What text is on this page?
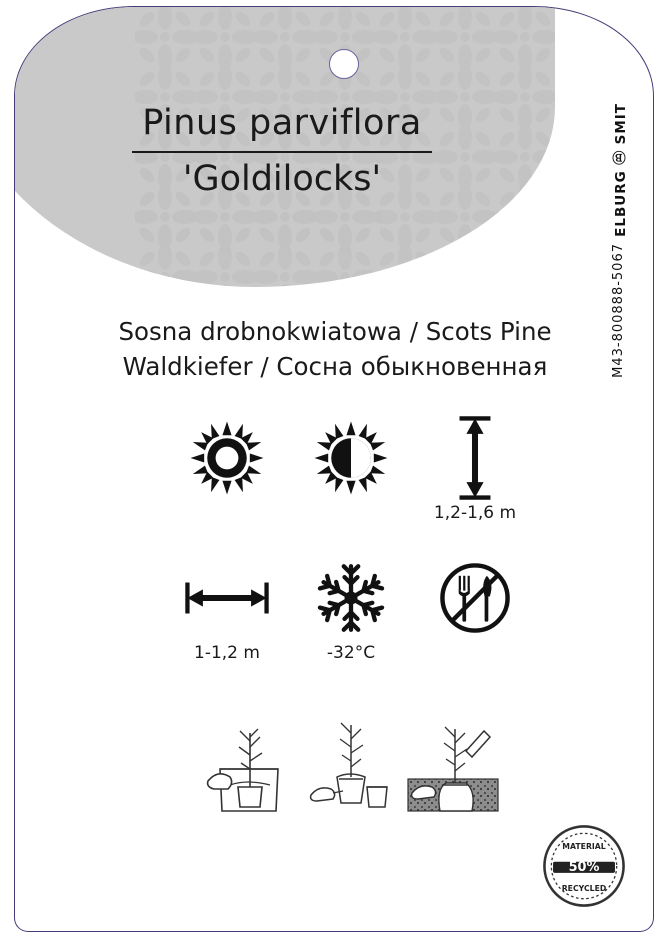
ELBURG Ⓑ SMIT
M43-800888-5067
Pinus parviflora
'Goldilocks'
Sosna drobnokwiatowa / Scots Pine
Waldkiefer / Сосна обыкновенная
1,2-1,6 m
1-1,2 m	-32°C
50%
MATERIAL
RECYCLED
